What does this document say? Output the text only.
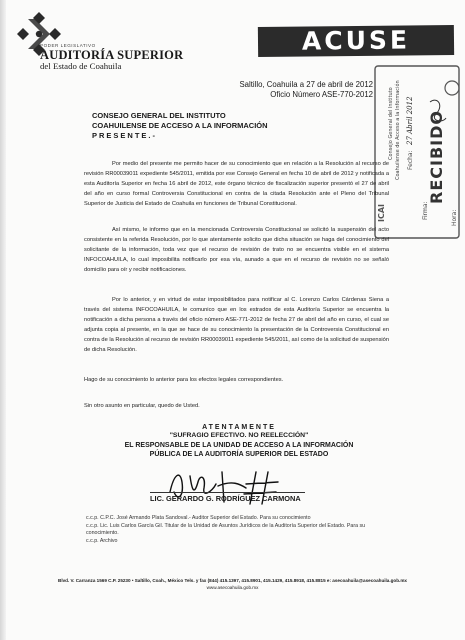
PODER LEGISLATIVO
AUDITORÍA SUPERIOR
del Estado de Coahuila
ACUSE
Saltillo, Coahuila a 27 de abril de 2012
Oficio Número ASE-770-2012
RECIBIDO
Consejo General del Instituto Coahuilense de Acceso a la Información Fecha:
27 Abril 2012
Firma:	Hora:
ICAI
CONSEJO GENERAL DEL INSTITUTO
COAHUILENSE DE ACCESO A LA INFORMACIÓN
PRESENTE.-

Por medio del presente me permito hacer de su conocimiento que en relación a la Resolución al recurso de revisión RR00039011 expediente 545/2011, emitida por ese Consejo General en fecha 10 de abril de 2012 y notificada a esta Auditoría Superior en fecha 16 abril de 2012, este órgano técnico de fiscalización superior presentó el 27 de abril del año en curso formal Controversia Constitucional en contra de la citada Resolución ante el Pleno del Tribunal Superior de Justicia del Estado de Coahuila en funciones de Tribunal Constitucional.

Así mismo, le informo que en la mencionada Controversia Constitucional se solicitó la suspensión del acto consistente en la referida Resolución, por lo que atentamente solicito que dicha situación se haga del conocimiento del solicitante de la información, toda vez que el recurso de revisión de trato no se encuentra visible en el sistema INFOCOAHUILA, lo cual imposibilita notificarlo por esa vía, aunado a que en el recurso de revisión no se señaló domicilio para oír y recibir notificaciones.

Por lo anterior, y en virtud de estar imposibilitados para notificar al C. Lorenzo Carlos Cárdenas Siena a través del sistema INFOCOAHUILA, le comunico que en los estrados de esta Auditoría Superior se encuentra la notificación a dicha persona a través del oficio número ASE-771-2012 de fecha 27 de abril del año en curso, el cual se adjunta copia al presente, en la que se hace de su conocimiento la presentación de la Controversia Constitucional en contra de la Resolución al recurso de revisión RR00039011 expediente 545/2011, así como de la solicitud de suspensión de dicha Resolución.

Hago de su conocimiento lo anterior para los efectos legales correspondientes.

Sin otro asunto en particular, quedo de Usted.

ATENTAMENTE
"SUFRAGIO EFECTIVO. NO REELECCIÓN"
EL RESPONSABLE DE LA UNIDAD DE ACCESO A LA INFORMACIÓN
PÚBLICA DE LA AUDITORÍA SUPERIOR DEL ESTADO
LIC. GERARDO G. RODRÍGUEZ CARMONA
c.c.p. C.P.C. José Armando Plata Sandoval.- Auditor Superior del Estado. Para su conocimiento
c.c.p. Lic. Luis Carlos García Gil. Titular de la Unidad de Asuntos Jurídicos de la Auditoría Superior del Estado. Para su conocimiento.
c.c.p. Archivo
Blvd. V. Carranza 1569 C.P. 25230 • Saltillo, Coah., México Tels. y fax (844) 415.1397, 415.8901, 415.1429, 415.8918, 415.8815 e: asecoahuila@asecoahuila.gob.mx
www.asecoahuila.gob.mx
